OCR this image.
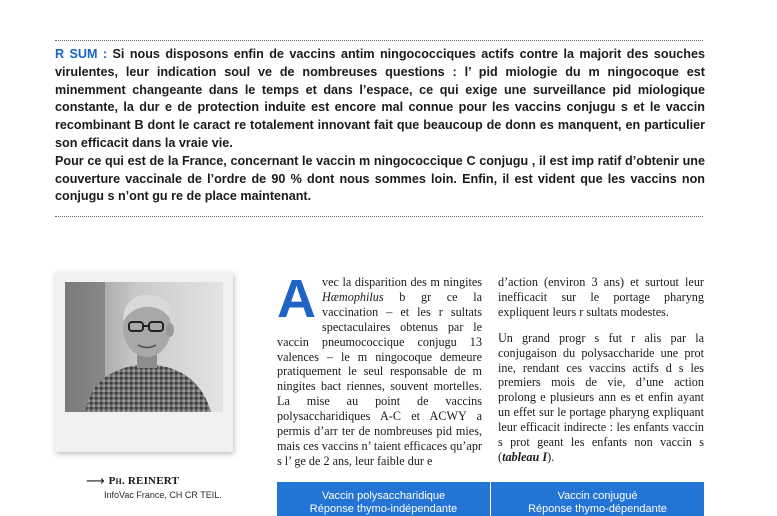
R SUM : Si nous disposons enfin de vaccins antim ningococciques actifs contre la majorit des souches virulentes, leur indication soul ve de nombreuses questions : l’ pid miologie du m ningocoque est minemment changeante dans le temps et dans l’espace, ce qui exige une surveillance pid miologique constante, la dur e de protection induite est encore mal connue pour les vaccins conjugu s et le vaccin recombinant B dont le caract re totalement innovant fait que beaucoup de donn es manquent, en particulier son efficacit dans la vraie vie.

Pour ce qui est de la France, concernant le vaccin m ningococcique C conjugu , il est imp ratif d’obtenir une couverture vaccinale de l’ordre de 90 % dont nous sommes loin. Enfin, il est vident que les vaccins non conjugu s n’ont gu re de place maintenant.

⟶ Ph. REINERT
InfoVac France, CH CR TEIL.

Avec la disparition des m ningites Hæmophilus b gr ce la vaccination – et les r sultats spectaculaires obtenus par le vaccin pneumococcique conjugu 13 valences – le m ningocoque demeure pratiquement le seul responsable de m ningites bact riennes, souvent mortelles. La mise au point de vaccins polysaccharidiques A-C et ACWY a permis d’arr ter de nombreuses pid mies, mais ces vaccins n’ taient efficaces qu’apr s l’ ge de 2 ans, leur faible dur e

d’action (environ 3 ans) et surtout leur inefficacit sur le portage pharyng expliquent leurs r sultats modestes.

Un grand progr s fut r alis par la conjugaison du polysaccharide une prot ine, rendant ces vaccins actifs d s les premiers mois de vie, d’une action prolong e plusieurs ann es et enfin ayant un effet sur le portage pharyng expliquant leur efficacit indirecte : les enfants vaccin s prot geant les enfants non vaccin s (tableau I).

Vaccin polysaccharidique
Réponse thymo-indépendante
Vaccin conjugué
Réponse thymo-dépendante
